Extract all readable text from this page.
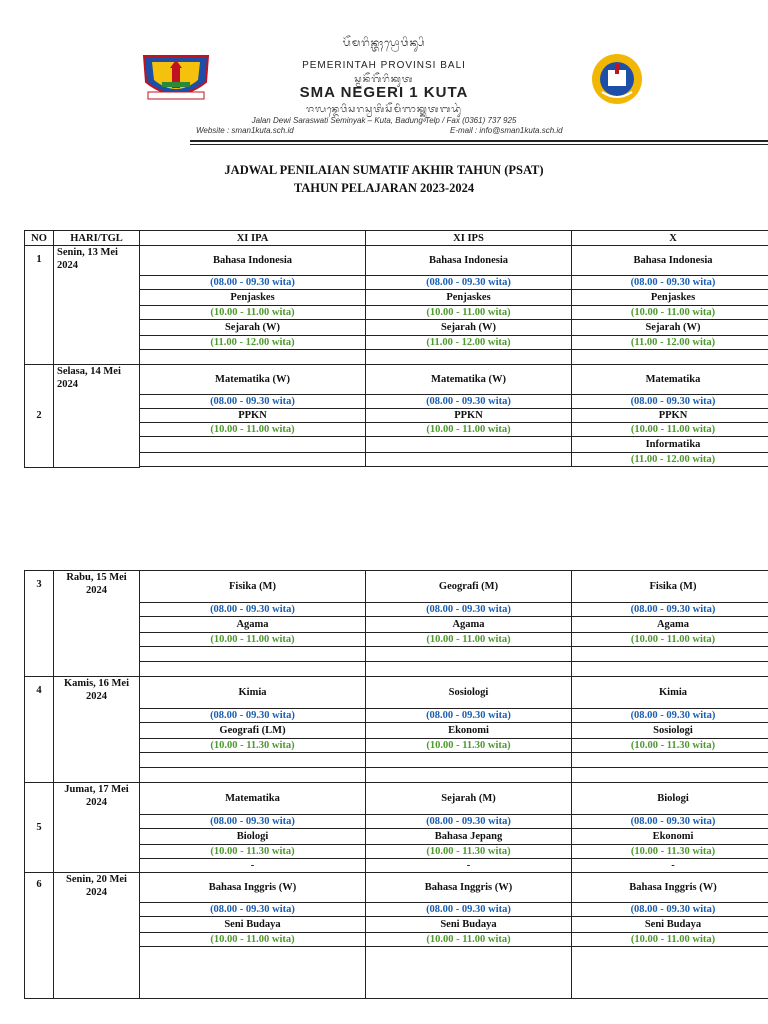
ᬧᭂᬫᬭᬶᬦ᭄ᬢᬄᬧ᭄ᬭᭀᬯᬶᬦ᭄ᬲᬶ
PEMERINTAH PROVINSI BALI
ᬲ᭄ᬫᬦᭂᬕᭂᬭᬶᬓᬸᬢ
SMA NEGERI 1 KUTA
ᬚᬮᬦ᭄ᬤᬾᬯᬶᬲᬭᬲ᭄ᬯᬢᬶᬲᭂᬫᬶᬜᬓ᭄ᬓᬸᬢᬩᬤᬸᬂ
Jalan Dewi Saraswati Seminyak – Kuta, Badung Telp / Fax (0361) 737 925
Website : sman1kuta.sch.id	E-mail : info@sman1kuta.sch.id
JADWAL PENILAIAN SUMATIF AKHIR TAHUN (PSAT)
TAHUN PELAJARAN 2023-2024
NO	HARI/TGL	XI IPA	XI IPS	X
1	Senin, 13 Mei 2024	Bahasa Indonesia	Bahasa Indonesia	Bahasa Indonesia
		(08.00 - 09.30 wita)	(08.00 - 09.30 wita)	(08.00 - 09.30 wita)
		Penjaskes	Penjaskes	Penjaskes
		(10.00 - 11.00 wita)	(10.00 - 11.00 wita)	(10.00 - 11.00 wita)
		Sejarah (W)	Sejarah (W)	Sejarah (W)
		(11.00 - 12.00 wita)	(11.00 - 12.00 wita)	(11.00 - 12.00 wita)

2	Selasa, 14 Mei 2024	Matematika (W)	Matematika (W)	Matematika
		(08.00 - 09.30 wita)	(08.00 - 09.30 wita)	(08.00 - 09.30 wita)
		PPKN	PPKN	PPKN
		(10.00 - 11.00 wita)	(10.00 - 11.00 wita)	(10.00 - 11.00 wita)
				Informatika
				(11.00 - 12.00 wita)

3	Rabu, 15 Mei 2024	Fisika (M)	Geografi (M)	Fisika (M)
		(08.00 - 09.30 wita)	(08.00 - 09.30 wita)	(08.00 - 09.30 wita)
		Agama	Agama	Agama
		(10.00 - 11.00 wita)	(10.00 - 11.00 wita)	(10.00 - 11.00 wita)

4	Kamis, 16 Mei 2024	Kimia	Sosiologi	Kimia
		(08.00 - 09.30 wita)	(08.00 - 09.30 wita)	(08.00 - 09.30 wita)
		Geografi (LM)	Ekonomi	Sosiologi
		(10.00 - 11.30 wita)	(10.00 - 11.30 wita)	(10.00 - 11.30 wita)

5	Jumat, 17 Mei 2024	Matematika	Sejarah (M)	Biologi
		(08.00 - 09.30 wita)	(08.00 - 09.30 wita)	(08.00 - 09.30 wita)
		Biologi	Bahasa Jepang	Ekonomi
		(10.00 - 11.30 wita)	(10.00 - 11.30 wita)	(10.00 - 11.30 wita)
		-	-	-
6	Senin, 20 Mei 2024	Bahasa Inggris (W)	Bahasa Inggris (W)	Bahasa Inggris (W)
		(08.00 - 09.30 wita)	(08.00 - 09.30 wita)	(08.00 - 09.30 wita)
		Seni Budaya	Seni Budaya	Seni Budaya
		(10.00 - 11.00 wita)	(10.00 - 11.00 wita)	(10.00 - 11.00 wita)
